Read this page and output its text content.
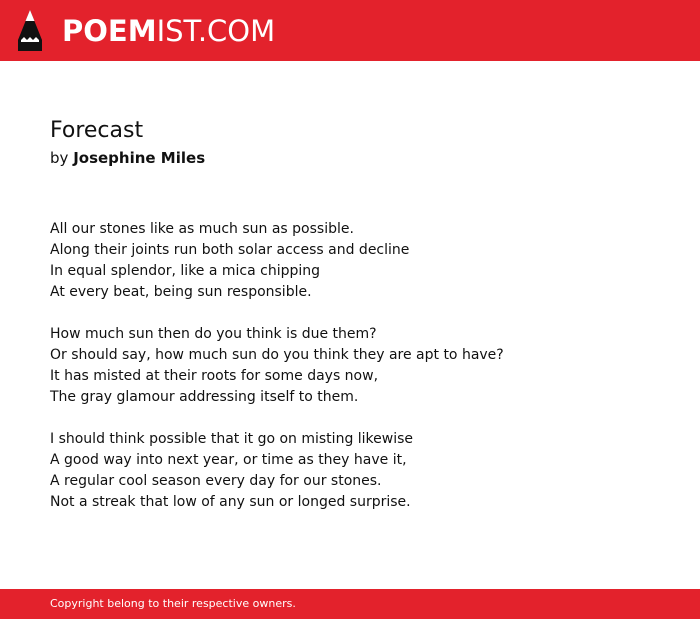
POEMIST.COM
Forecast
by Josephine Miles
All our stones like as much sun as possible.
Along their joints run both solar access and decline
In equal splendor, like a mica chipping
At every beat, being sun responsible.
How much sun then do you think is due them?
Or should say, how much sun do you think they are apt to have?
It has misted at their roots for some days now,
The gray glamour addressing itself to them.
I should think possible that it go on misting likewise
A good way into next year, or time as they have it,
A regular cool season every day for our stones.
Not a streak that low of any sun or longed surprise.
Copyright belong to their respective owners.
